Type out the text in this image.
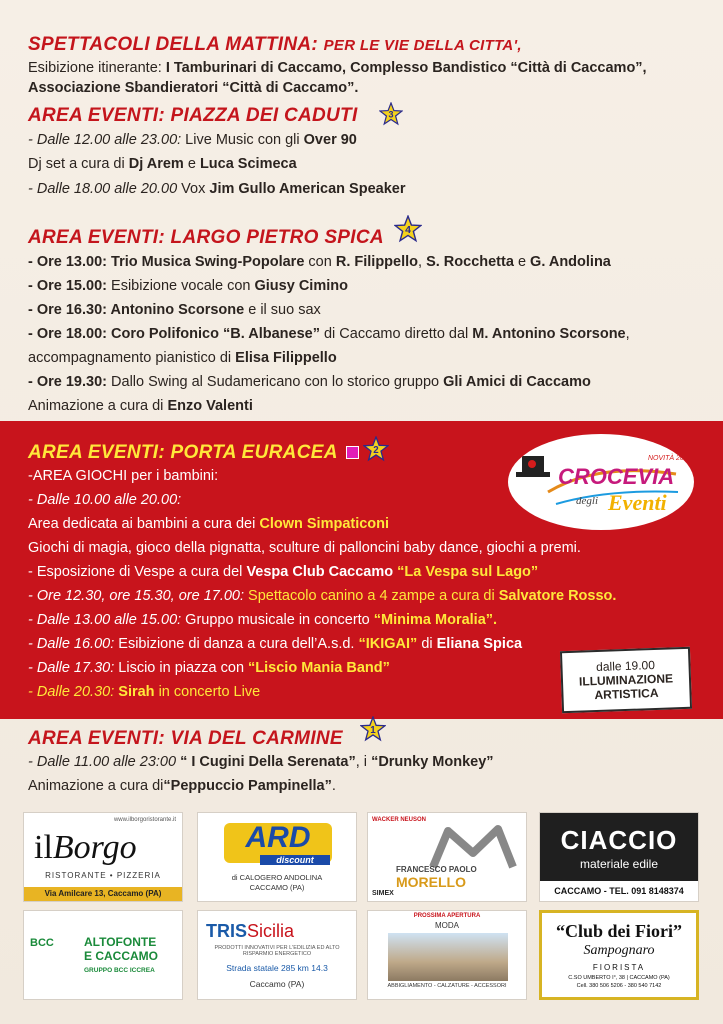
SPETTACOLI DELLA MATTINA: PER LE VIE DELLA CITTA',
Esibizione itinerante: I Tamburinari di Caccamo, Complesso Bandistico “Città di Caccamo”,
Associazione Sbandieratori “Città di Caccamo”.
AREA EVENTI: PIAZZA DEI CADUTI	3
- Dalle 12.00 alle 23.00: Live Music con gli Over 90
Dj set a cura di Dj Arem e Luca Scimeca
- Dalle 18.00 alle 20.00 Vox Jim Gullo American Speaker
AREA EVENTI: LARGO PIETRO SPICA 4
- Ore 13.00: Trio Musica Swing-Popolare con R. Filippello, S. Rocchetta e G. Andolina
- Ore 15.00: Esibizione vocale con Giusy Cimino
- Ore 16.30: Antonino Scorsone e il suo sax
- Ore 18.00: Coro Polifonico “B. Albanese” di Caccamo diretto dal M. Antonino Scorsone,
accompagnamento pianistico di Elisa Filippello
- Ore 19.30: Dallo Swing al Sudamericano con lo storico gruppo Gli Amici di Caccamo
Animazione a cura di Enzo Valenti
AREA EVENTI: PORTA EURACEA	2
-AREA GIOCHI per i bambini:
- Dalle 10.00 alle 20.00:
Area dedicata ai bambini a cura dei Clown Simpaticoni
Giochi di magia, gioco della pignatta, sculture di palloncini baby dance, giochi a premi.
- Esposizione di Vespe a cura del Vespa Club Caccamo “La Vespa sul Lago”
- Ore 12.30, ore 15.30, ore 17.00: Spettacolo canino a 4 zampe a cura di Salvatore Rosso.
- Dalle 13.00 alle 15.00: Gruppo musicale in concerto “Minima Moralia”.
- Dalle 16.00: Esibizione di danza a cura dell’A.s.d. “IKIGAI” di Eliana Spica
- Dalle 17.30: Liscio in piazza con “Liscio Mania Band”
- Dalle 20.30: Sirah in concerto Live
NOVITÀ 2019
CROCEVIA
degli Eventi
dalle 19.00
ILLUMINAZIONE
ARTISTICA
AREA EVENTI: VIA DEL CARMINE	1
- Dalle 11.00 alle 23:00 “ I Cugini Della Serenata”, i “Drunky Monkey”
Animazione a cura di“Peppuccio Pampinella”.
www.ilborgoristorante.it
ilBorgo
RISTORANTE • PIZZERIA
Via Amilcare 13, Caccamo (PA)
ARD
discount
di CALOGERO ANDOLINA
CACCAMO (PA)
WACKER NEUSON
FRANCESCO PAOLO
MORELLO
SIMEX
CIACCIO
materiale edile
CACCAMO - TEL. 091 8148374
BCC	ALTOFONTE
E CACCAMO
GRUPPO BCC ICCREA
TRISSicilia
PRODOTTI INNOVATIVI PER L'EDILIZIA ED ALTO RISPARMIO ENERGETICO
Strada statale 285 km 14.3
Caccamo (PA)
PROSSIMA APERTURA
MODA
ABBIGLIAMENTO - CALZATURE - ACCESSORI
“Club dei Fiori”
Sampognaro
FIORISTA
C.SO UMBERTO I°, 38 | CACCAMO (PA)
Cell. 380 506 5206 - 380 540 7142
